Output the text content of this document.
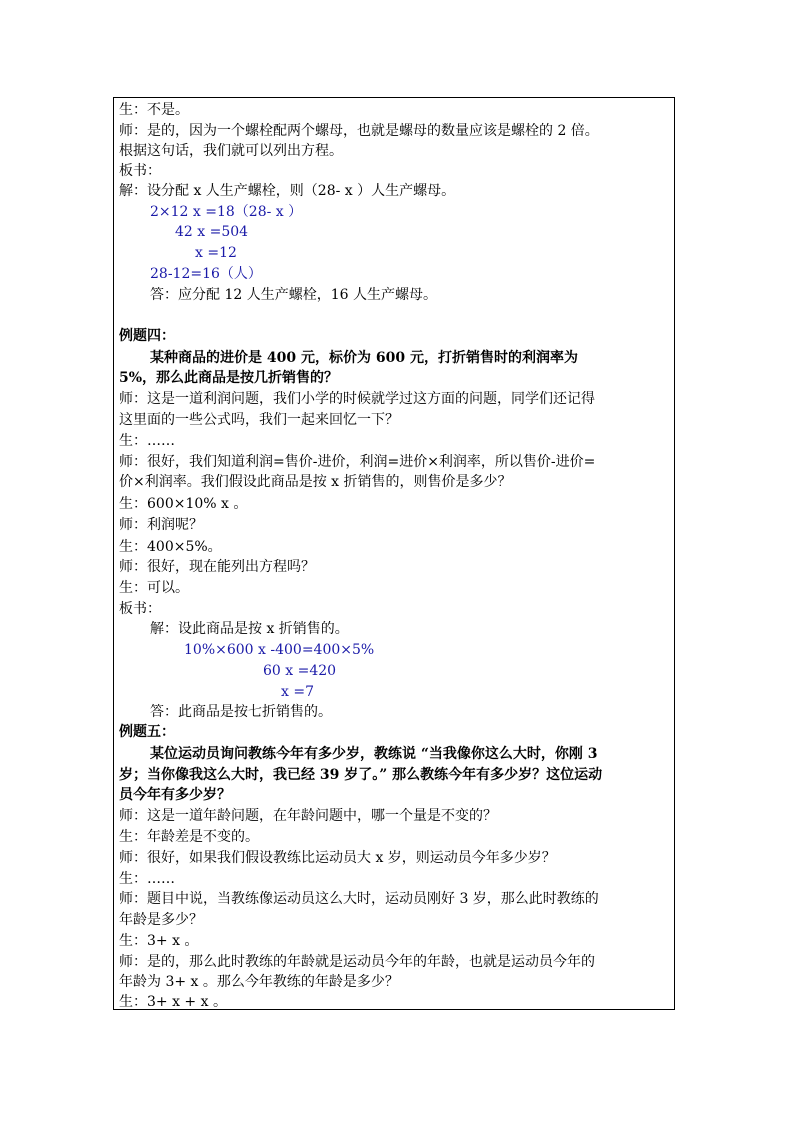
生：不是。
师：是的，因为一个螺栓配两个螺母，也就是螺母的数量应该是螺栓的 2 倍。
根据这句话，我们就可以列出方程。
板书：
解：设分配 x 人生产螺栓，则（28- x ）人生产螺母。
2×12 x =18（28- x ）
42 x =504
x =12
28-12=16（人）
答：应分配 12 人生产螺栓，16 人生产螺母。
例题四：
某种商品的进价是 400 元，标价为 600 元，打折销售时的利润率为
5%，那么此商品是按几折销售的？
师：这是一道利润问题，我们小学的时候就学过这方面的问题，同学们还记得
这里面的一些公式吗，我们一起来回忆一下？
生：……
师：很好，我们知道利润=售价-进价，利润=进价×利润率，所以售价-进价=
价×利润率。我们假设此商品是按 x 折销售的，则售价是多少？
生：600×10% x 。
师：利润呢？
生：400×5%。
师：很好，现在能列出方程吗？
生：可以。
板书：
解：设此商品是按 x 折销售的。
10%×600 x -400=400×5%
60 x =420
x =7
答：此商品是按七折销售的。
例题五：
某位运动员询问教练今年有多少岁，教练说 “当我像你这么大时，你刚 3
岁；当你像我这么大时，我已经 39 岁了。” 那么教练今年有多少岁？这位运动
员今年有多少岁？
师：这是一道年龄问题，在年龄问题中，哪一个量是不变的？
生：年龄差是不变的。
师：很好，如果我们假设教练比运动员大 x 岁，则运动员今年多少岁？
生：……
师：题目中说，当教练像运动员这么大时，运动员刚好 3 岁，那么此时教练的
年龄是多少？
生：3+ x 。
师：是的，那么此时教练的年龄就是运动员今年的年龄，也就是运动员今年的
年龄为 3+ x 。那么今年教练的年龄是多少？
生：3+ x + x 。
